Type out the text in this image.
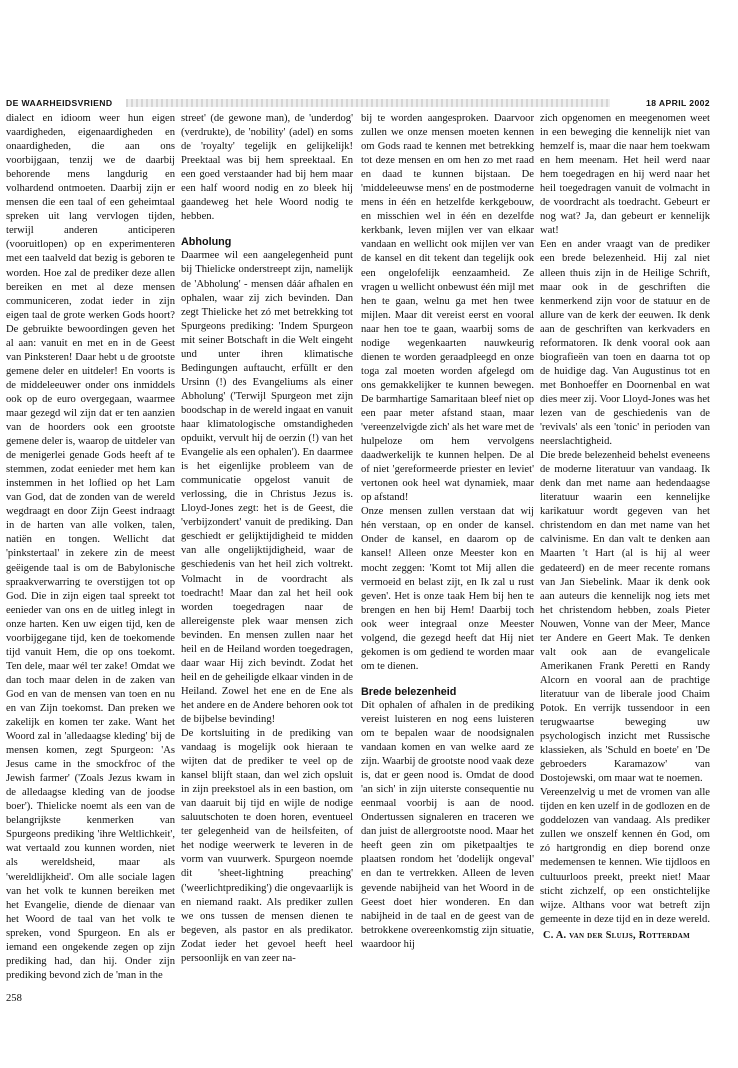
DE WAARHEIDSVRIEND	18 APRIL 2002

dialect en idioom weer hun eigen vaardigheden, eigenaardigheden en onaardigheden, die aan ons voorbijgaan, tenzij we de daarbij behorende mens langdurig en volhardend ontmoeten. Daarbij zijn er mensen die een taal of een geheimtaal spreken uit lang vervlogen tijden, terwijl anderen anticiperen (vooruitlopen) op en experimenteren met een taalveld dat bezig is geboren te worden. Hoe zal de prediker deze allen bereiken en met al deze mensen communiceren, zodat ieder in zijn eigen taal de grote werken Gods hoort? De gebruikte bewoordingen geven het al aan: vanuit en met en in de Geest van Pinksteren! Daar hebt u de grootste gemene deler en uitdeler! En voorts is de middeleeuwer onder ons inmiddels ook op de euro overgegaan, waarmee maar gezegd wil zijn dat er ten aanzien van de hoorders ook een grootste gemene deler is, waarop de uitdeler van de menigerlei genade Gods heeft af te stemmen, zodat eenieder met hem kan instemmen in het loflied op het Lam van God, dat de zonden van de wereld wegdraagt en door Zijn Geest indraagt in de harten van alle volken, talen, natiën en tongen. Wellicht dat 'pinkstertaal' in zekere zin de meest geëigende taal is om de Babylonische spraakverwarring te overstijgen tot op God. Die in zijn eigen taal spreekt tot eenieder van ons en de uitleg inlegt in onze harten. Ken uw eigen tijd, ken de voorbijgegane tijd, ken de toekomende tijd vanuit Hem, die op ons toekomt. Ten dele, maar wél ter zake! Omdat we dan toch maar delen in de zaken van God en van de mensen van toen en nu en van Zijn toekomst. Dan preken we zakelijk en komen ter zake. Want het Woord zal in 'alledaagse kleding' bij de mensen komen, zegt Spurgeon: 'As Jesus came in the smockfroc of the Jewish farmer' ('Zoals Jezus kwam in de alledaagse kleding van de joodse boer'). Thielicke noemt als een van de belangrijkste kenmerken van Spurgeons prediking 'ihre Weltlichkeit', wat vertaald zou kunnen worden, niet als wereldsheid, maar als 'wereldlijkheid'. Om alle sociale lagen van het volk te kunnen bereiken met het Evangelie, diende de dienaar van het Woord de taal van het volk te spreken, vond Spurgeon. En als er iemand een ongekende zegen op zijn prediking had, dan hij. Onder zijn prediking bevond zich de 'man in the

street' (de gewone man), de 'underdog' (verdrukte), de 'nobility' (adel) en soms de 'royalty' tegelijk en gelijkelijk! Preektaal was bij hem spreektaal. En een goed verstaander had bij hem maar een half woord nodig en zo bleek hij gaandeweg het hele Woord nodig te hebben.

Abholung

Daarmee wil een aangelegenheid punt bij Thielicke onderstreept zijn, namelijk de 'Abholung' - mensen dáár afhalen en ophalen, waar zij zich bevinden. Dan zegt Thielicke het zó met betrekking tot Spurgeons prediking: 'Indem Spurgeon mit seiner Botschaft in die Welt eingeht und unter ihren klimatische Bedingungen auftaucht, erfüllt er den Ursinn (!) des Evangeliums als einer Abholung' ('Terwijl Spurgeon met zijn boodschap in de wereld ingaat en vanuit haar klimatologische omstandigheden opduikt, vervult hij de oerzin (!) van het Evangelie als een ophalen'). En daarmee is het eigenlijke probleem van de communicatie opgelost vanuit de verlossing, die in Christus Jezus is. Lloyd-Jones zegt: het is de Geest, die 'verbijzondert' vanuit de prediking. Dan geschiedt er gelijktijdigheid te midden van alle ongelijktijdigheid, waar de geschiedenis van het heil zich voltrekt. Volmacht in de voordracht als toedracht! Maar dan zal het heil ook worden toegedragen naar de allereigenste plek waar mensen zich bevinden. En mensen zullen naar het heil en de Heiland worden toegedragen, daar waar Hij zich bevindt. Zodat het heil en de geheiligde elkaar vinden in de Heiland. Zowel het ene en de Ene als het andere en de Andere behoren ook tot de bijbelse bevinding!

De kortsluiting in de prediking van vandaag is mogelijk ook hieraan te wijten dat de prediker te veel op de kansel blijft staan, dan wel zich opsluit in zijn preekstoel als in een bastion, om van daaruit bij tijd en wijle de nodige saluutschoten te doen horen, eventueel ter gelegenheid van de heilsfeiten, of het nodige weerwerk te leveren in de vorm van vuurwerk. Spurgeon noemde dit 'sheet-lightning preaching' ('weerlichtprediking') die ongevaarlijk is en niemand raakt. Als prediker zullen we ons tussen de mensen dienen te begeven, als pastor en als predikator. Zodat ieder het gevoel heeft heel persoonlijk en van zeer na-

bij te worden aangesproken. Daarvoor zullen we onze mensen moeten kennen om Gods raad te kennen met betrekking tot deze mensen en om hen zo met raad en daad te kunnen bijstaan. De 'middeleeuwse mens' en de postmoderne mens in één en hetzelfde kerkgebouw, en misschien wel in één en dezelfde kerkbank, leven mijlen ver van elkaar vandaan en wellicht ook mijlen ver van de kansel en dit tekent dan tegelijk ook een ongelofelijk eenzaamheid. Ze vragen u wellicht onbewust één mijl met hen te gaan, welnu ga met hen twee mijlen. Maar dit vereist eerst en vooral naar hen toe te gaan, waarbij soms de nodige wegenkaarten nauwkeurig dienen te worden geraadpleegd en onze toga zal moeten worden afgelegd om ons gemakkelijker te kunnen bewegen. De barmhartige Samaritaan bleef niet op een paar meter afstand staan, maar 'vereenzelvigde zich' als het ware met de hulpeloze om hem vervolgens daadwerkelijk te kunnen helpen. De al of niet 'gereformeerde priester en leviet' vertonen ook heel wat dynamiek, maar op afstand!

Onze mensen zullen verstaan dat wij hén verstaan, op en onder de kansel. Onder de kansel, en daarom op de kansel! Alleen onze Meester kon en mocht zeggen: 'Komt tot Mij allen die vermoeid en belast zijt, en Ik zal u rust geven'. Het is onze taak Hem bij hen te brengen en hen bij Hem! Daarbij toch ook weer integraal onze Meester volgend, die gezegd heeft dat Hij niet gekomen is om gediend te worden maar om te dienen.

Brede belezenheid

Dit ophalen of afhalen in de prediking vereist luisteren en nog eens luisteren om te bepalen waar de noodsignalen vandaan komen en van welke aard ze zijn. Waarbij de grootste nood vaak deze is, dat er geen nood is. Omdat de dood 'an sich' in zijn uiterste consequentie nu eenmaal voorbij is aan de nood. Ondertussen signaleren en traceren we dan juist de allergrootste nood. Maar het heeft geen zin om piketpaaltjes te plaatsen rondom het 'dodelijk ongeval' en dan te vertrekken. Alleen de leven gevende nabijheid van het Woord in de Geest doet hier wonderen. En dan nabijheid in de taal en de geest van de betrokkene overeenkomstig zijn situatie, waardoor hij

zich opgenomen en meegenomen weet in een beweging die kennelijk niet van hemzelf is, maar die naar hem toekwam en hem meenam. Het heil werd naar hem toegedragen en hij werd naar het heil toegedragen vanuit de volmacht in de voordracht als toedracht. Gebeurt er nog wat? Ja, dan gebeurt er kennelijk wat!

Een en ander vraagt van de prediker een brede belezenheid. Hij zal niet alleen thuis zijn in de Heilige Schrift, maar ook in de geschriften die kenmerkend zijn voor de statuur en de allure van de kerk der eeuwen. Ik denk aan de geschriften van kerkvaders en reformatoren. Ik denk vooral ook aan biografieën van toen en daarna tot op de huidige dag. Van Augustinus tot en met Bonhoeffer en Doornenbal en wat dies meer zij. Voor Lloyd-Jones was het lezen van de geschiedenis van de 'revivals' als een 'tonic' in perioden van neerslachtigheid.

Die brede belezenheid behelst eveneens de moderne literatuur van vandaag. Ik denk dan met name aan hedendaagse literatuur waarin een kennelijke karikatuur wordt gegeven van het christendom en dan met name van het calvinisme. En dan valt te denken aan Maarten 't Hart (al is hij al weer gedateerd) en de meer recente romans van Jan Siebelink. Maar ik denk ook aan auteurs die kennelijk nog iets met het christendom hebben, zoals Pieter Nouwen, Vonne van der Meer, Mance ter Andere en Geert Mak. Te denken valt ook aan de evangelicale Amerikanen Frank Peretti en Randy Alcorn en vooral aan de prachtige literatuur van de liberale jood Chaim Potok. En verrijk tussendoor in een terugwaartse beweging uw psychologisch inzicht met Russische klassieken, als 'Schuld en boete' en 'De gebroeders Karamazow' van Dostojewski, om maar wat te noemen.

Vereenzelvig u met de vromen van alle tijden en ken uzelf in de godlozen en de goddelozen van vandaag. Als prediker zullen we onszelf kennen én God, om zó hartgrondig en diep borend onze medemensen te kennen. Wie tijdloos en cultuurloos preekt, preekt niet! Maar sticht zichzelf, op een onstichtelijke wijze. Althans voor wat betreft zijn gemeente in deze tijd en in deze wereld.

C. A. van der Sluijs, Rotterdam
258
